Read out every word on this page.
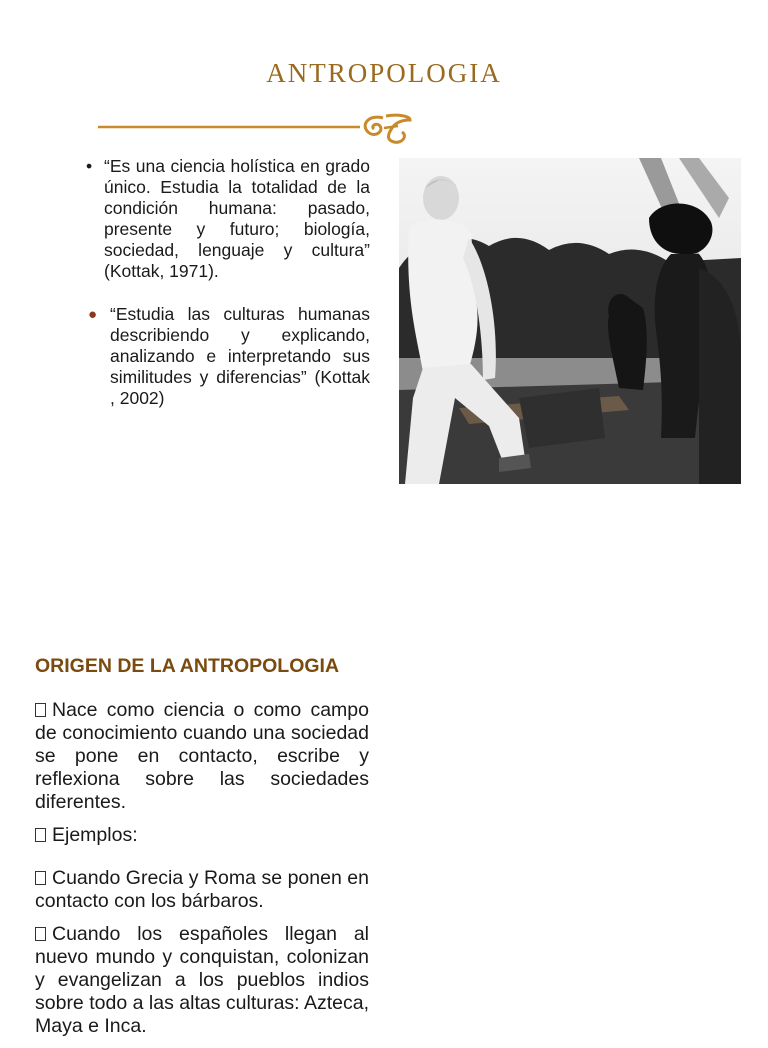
ANTROPOLOGIA
• “Es una ciencia holística en grado único. Estudia la totalidad de la condición humana: pasado, presente y futuro; biología, sociedad, lenguaje y cultura” (Kottak, 1971).
● “Estudia las culturas humanas describiendo y explicando, analizando e interpretando sus similitudes y diferencias” (Kottak , 2002)
ORIGEN DE LA ANTROPOLOGIA

Nace como ciencia o como campo de conocimiento cuando una sociedad se pone en contacto, escribe y reflexiona sobre las sociedades diferentes.

Ejemplos:

Cuando Grecia y Roma se ponen en contacto con los bárbaros.

Cuando los españoles llegan al nuevo mundo y conquistan, colonizan y evangelizan a los pueblos indios sobre todo a las altas culturas: Azteca, Maya e Inca.
